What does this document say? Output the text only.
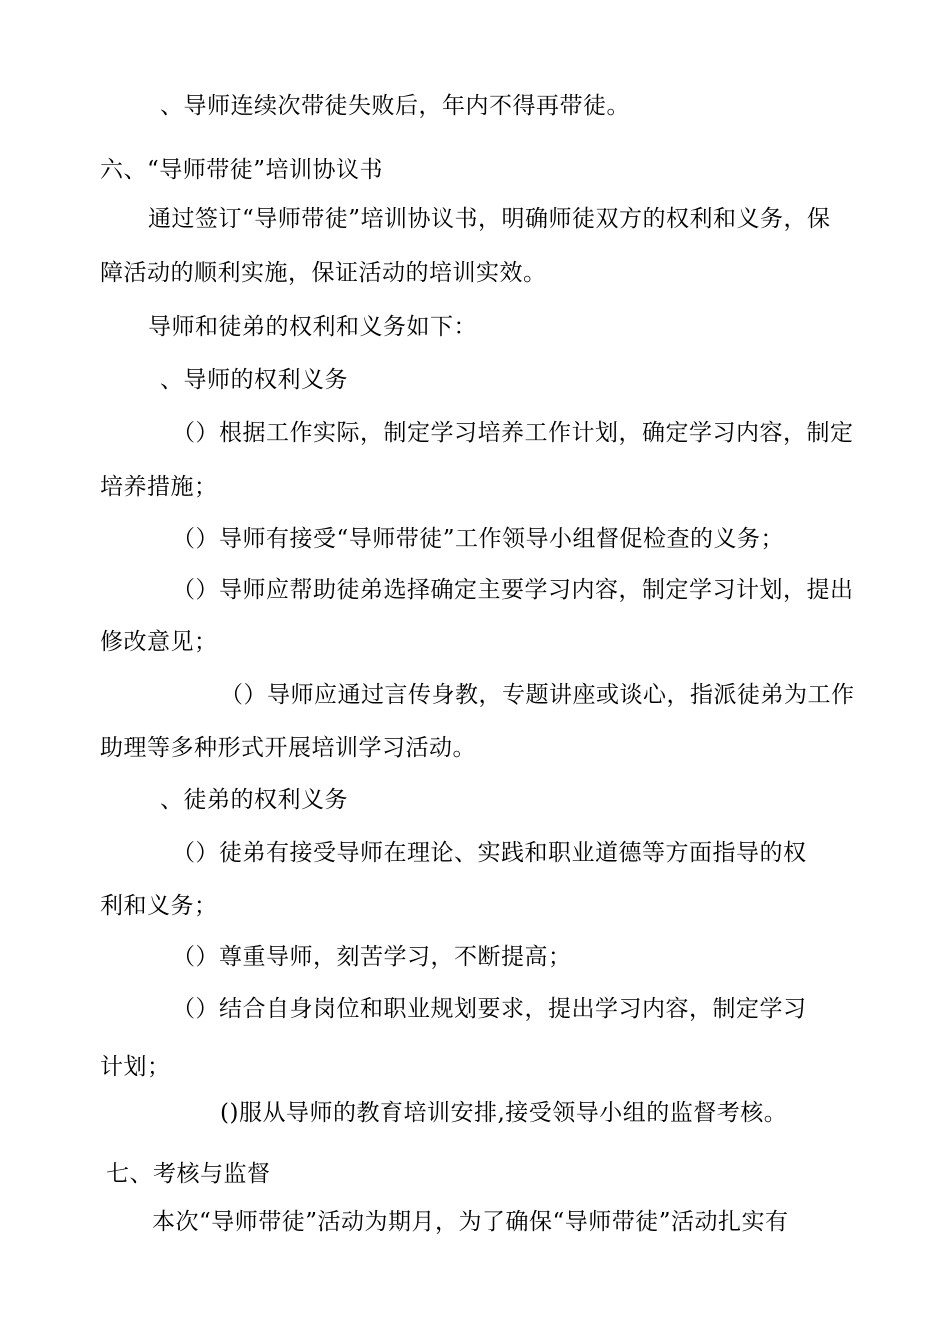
、导师连续次带徒失败后，年内不得再带徒。
六、“导师带徒”培训协议书
通过签订“导师带徒”培训协议书，明确师徒双方的权利和义务，保
障活动的顺利实施，保证活动的培训实效。
导师和徒弟的权利和义务如下：
、导师的权利义务
（）根据工作实际，制定学习培养工作计划，确定学习内容，制定
培养措施；
（）导师有接受“导师带徒”工作领导小组督促检查的义务；
（）导师应帮助徒弟选择确定主要学习内容，制定学习计划，提出
修改意见；
（）导师应通过言传身教，专题讲座或谈心，指派徒弟为工作
助理等多种形式开展培训学习活动。
、徒弟的权利义务
（）徒弟有接受导师在理论、实践和职业道德等方面指导的权
利和义务；
（）尊重导师，刻苦学习，不断提高；
（）结合自身岗位和职业规划要求，提出学习内容，制定学习
计划；
()服从导师的教育培训安排,接受领导小组的监督考核。
七、考核与监督
本次“导师带徒”活动为期月，为了确保“导师带徒”活动扎实有
